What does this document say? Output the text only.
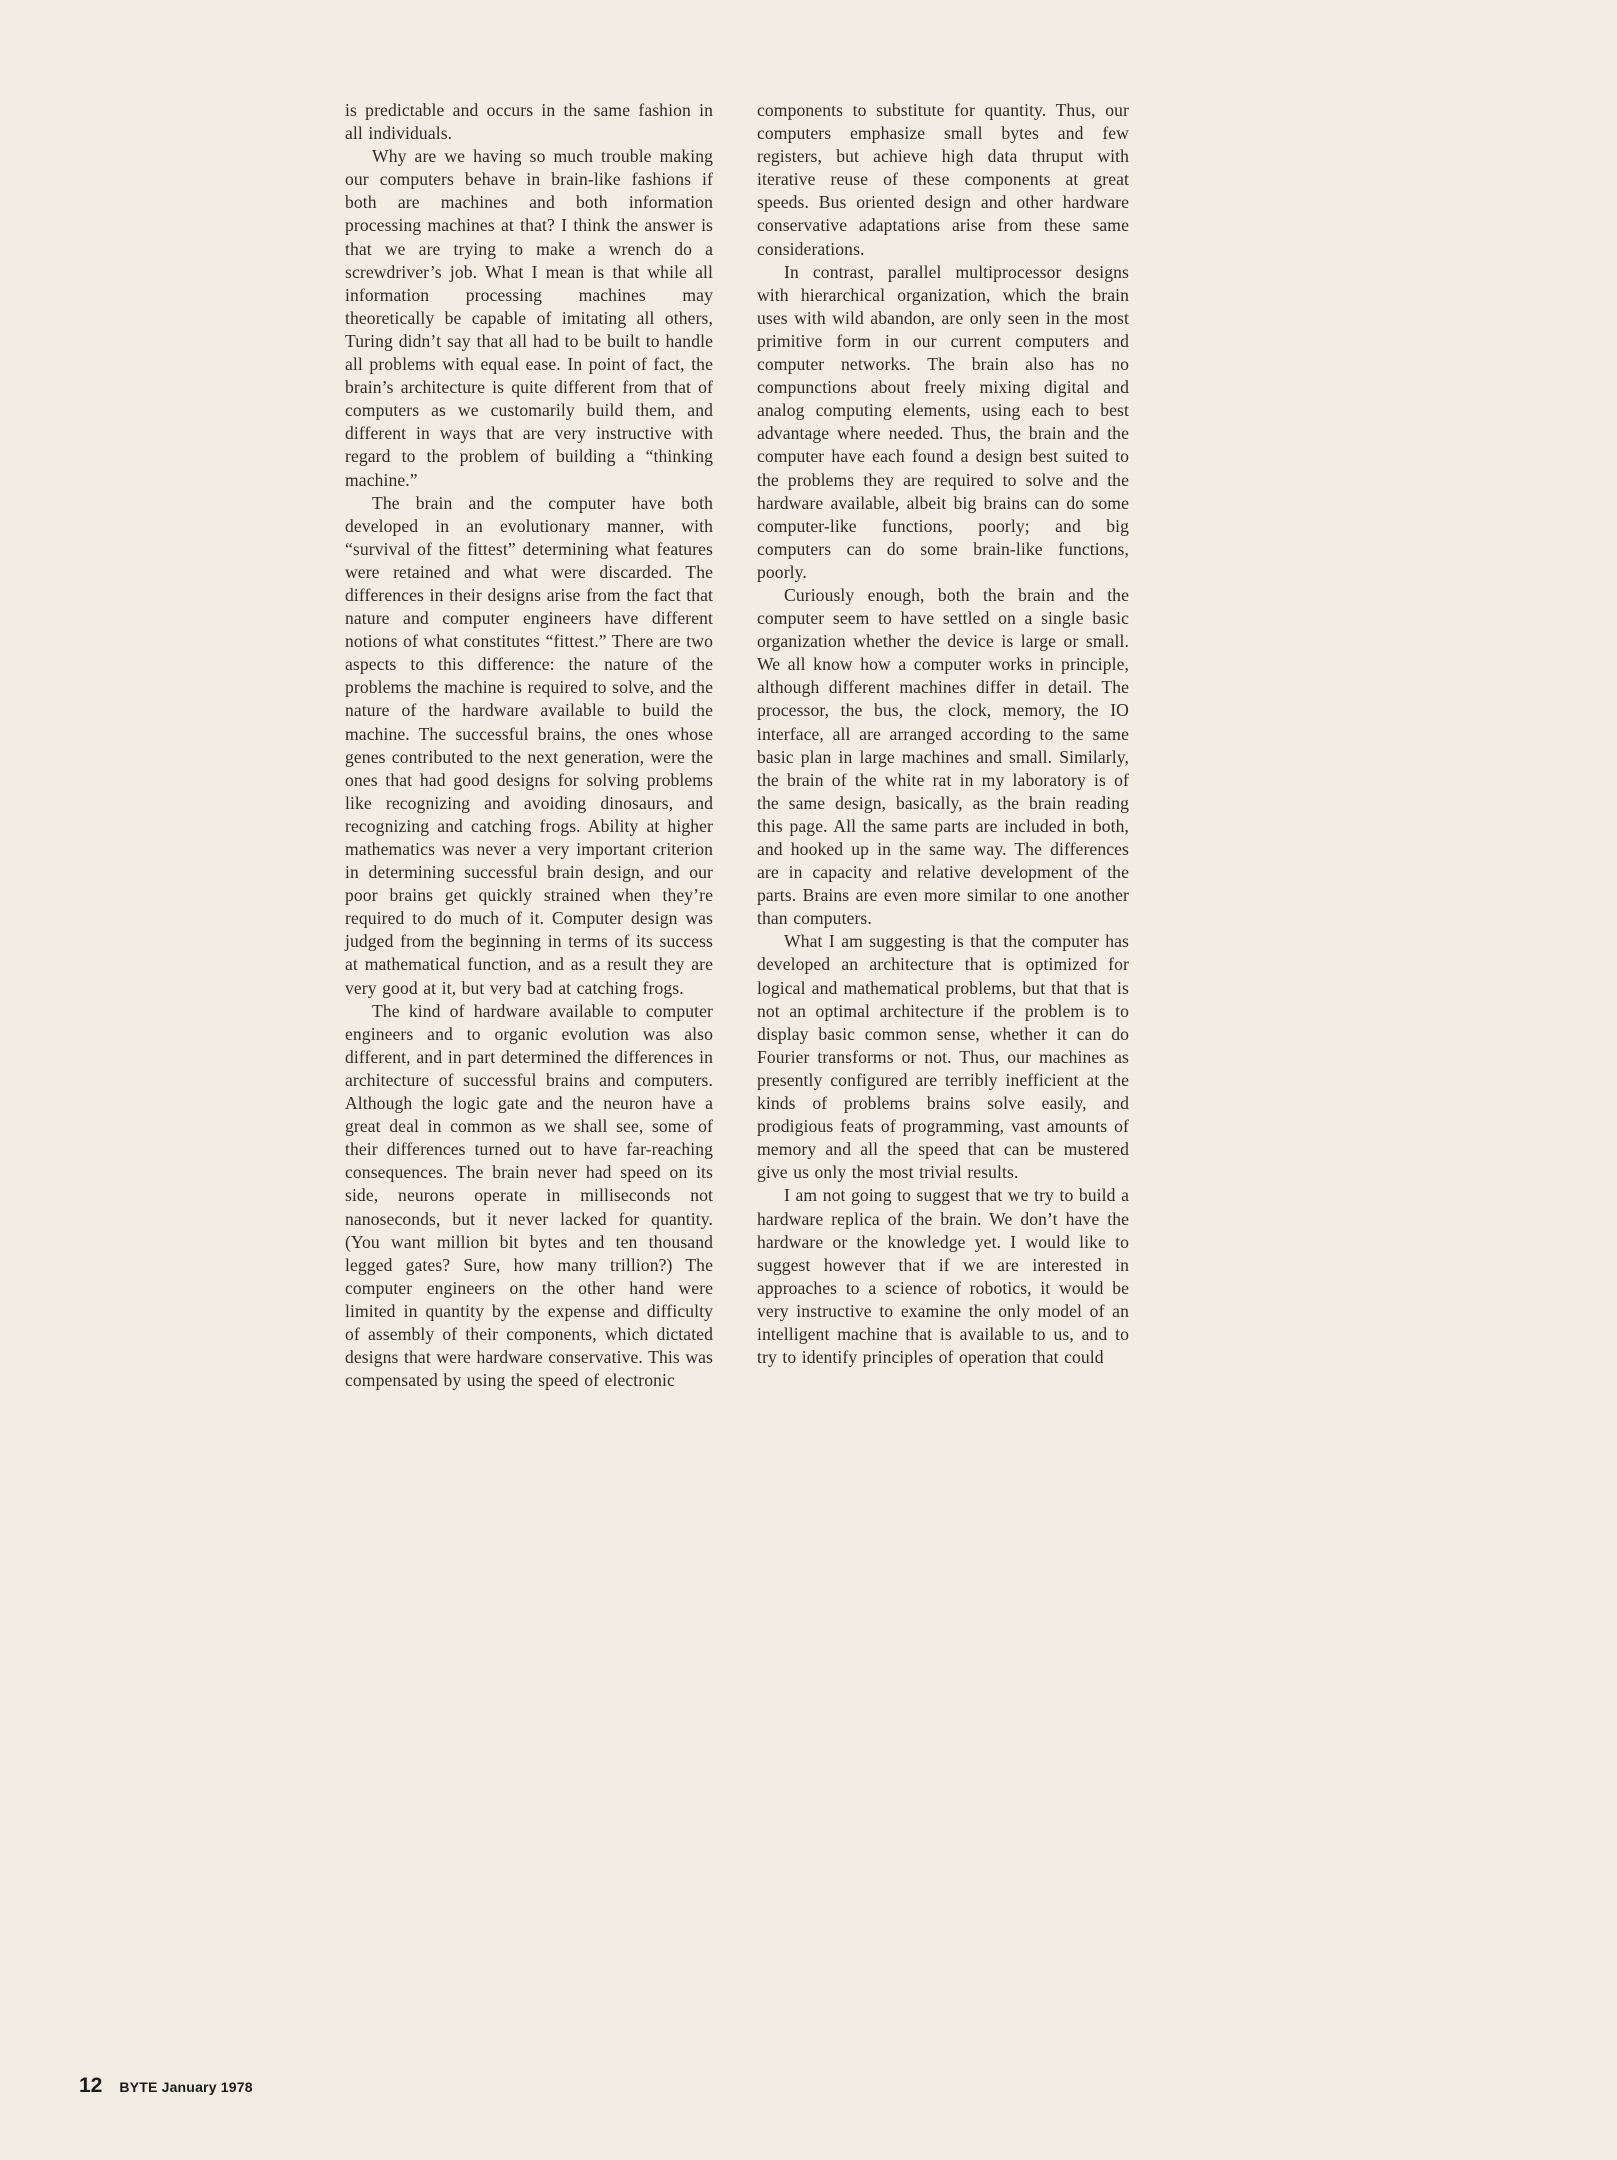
is predictable and occurs in the same fashion in all individuals.

Why are we having so much trouble making our computers behave in brain-like fashions if both are machines and both information processing machines at that? I think the answer is that we are trying to make a wrench do a screwdriver’s job. What I mean is that while all information processing machines may theoretically be capable of imitating all others, Turing didn’t say that all had to be built to handle all problems with equal ease. In point of fact, the brain’s architecture is quite different from that of computers as we customarily build them, and different in ways that are very instructive with regard to the problem of building a “thinking machine.”

The brain and the computer have both developed in an evolutionary manner, with “survival of the fittest” determining what features were retained and what were discarded. The differences in their designs arise from the fact that nature and computer engineers have different notions of what constitutes “fittest.” There are two aspects to this difference: the nature of the problems the machine is required to solve, and the nature of the hardware available to build the machine. The successful brains, the ones whose genes contributed to the next generation, were the ones that had good designs for solving problems like recognizing and avoiding dinosaurs, and recognizing and catching frogs. Ability at higher mathematics was never a very important criterion in determining successful brain design, and our poor brains get quickly strained when they’re required to do much of it. Computer design was judged from the beginning in terms of its success at mathematical function, and as a result they are very good at it, but very bad at catching frogs.

The kind of hardware available to computer engineers and to organic evolution was also different, and in part determined the differences in architecture of successful brains and computers. Although the logic gate and the neuron have a great deal in common as we shall see, some of their differences turned out to have far-reaching consequences. The brain never had speed on its side, neurons operate in milliseconds not nanoseconds, but it never lacked for quantity. (You want million bit bytes and ten thousand legged gates? Sure, how many trillion?) The computer engineers on the other hand were limited in quantity by the expense and difficulty of assembly of their components, which dictated designs that were hardware conservative. This was compensated by using the speed of electronic

components to substitute for quantity. Thus, our computers emphasize small bytes and few registers, but achieve high data thruput with iterative reuse of these components at great speeds. Bus oriented design and other hardware conservative adaptations arise from these same considerations.

In contrast, parallel multiprocessor designs with hierarchical organization, which the brain uses with wild abandon, are only seen in the most primitive form in our current computers and computer networks. The brain also has no compunctions about freely mixing digital and analog computing elements, using each to best advantage where needed. Thus, the brain and the computer have each found a design best suited to the problems they are required to solve and the hardware available, albeit big brains can do some computer-like functions, poorly; and big computers can do some brain-like functions, poorly.

Curiously enough, both the brain and the computer seem to have settled on a single basic organization whether the device is large or small. We all know how a computer works in principle, although different machines differ in detail. The processor, the bus, the clock, memory, the IO interface, all are arranged according to the same basic plan in large machines and small. Similarly, the brain of the white rat in my laboratory is of the same design, basically, as the brain reading this page. All the same parts are included in both, and hooked up in the same way. The differences are in capacity and relative development of the parts. Brains are even more similar to one another than computers.

What I am suggesting is that the computer has developed an architecture that is optimized for logical and mathematical problems, but that that is not an optimal architecture if the problem is to display basic common sense, whether it can do Fourier transforms or not. Thus, our machines as presently configured are terribly inefficient at the kinds of problems brains solve easily, and prodigious feats of programming, vast amounts of memory and all the speed that can be mustered give us only the most trivial results.

I am not going to suggest that we try to build a hardware replica of the brain. We don’t have the hardware or the knowledge yet. I would like to suggest however that if we are interested in approaches to a science of robotics, it would be very instructive to examine the only model of an intelligent machine that is available to us, and to try to identify principles of operation that could

12 BYTE January 1978
